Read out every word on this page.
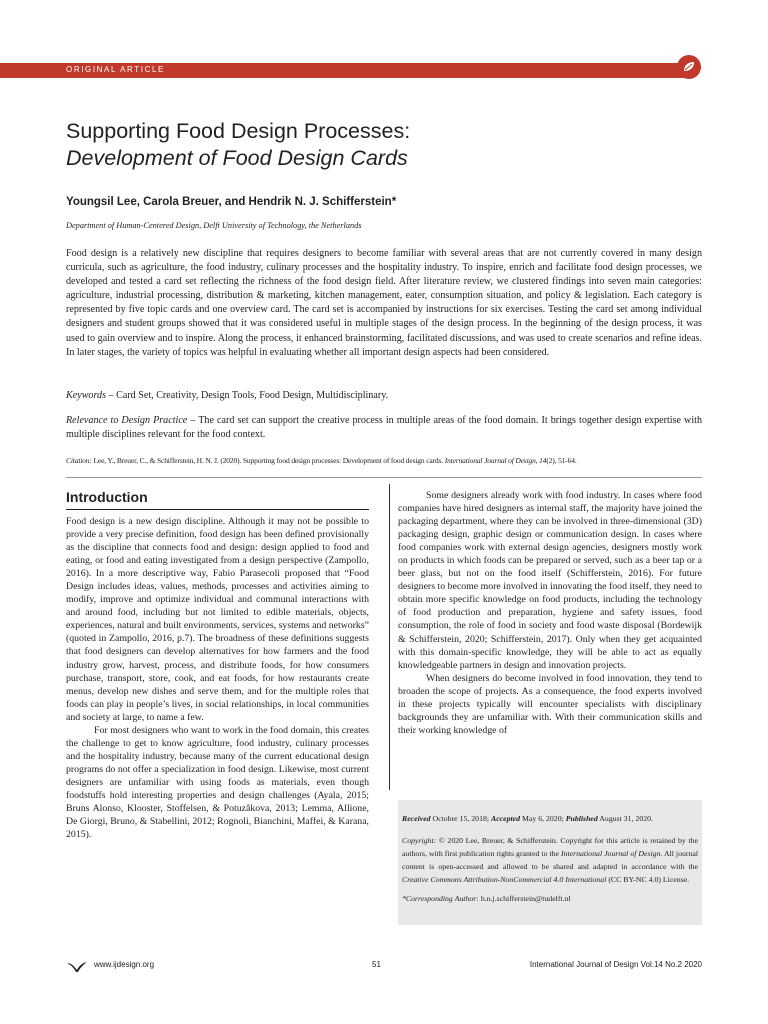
ORIGINAL ARTICLE
Supporting Food Design Processes:
Development of Food Design Cards
Youngsil Lee, Carola Breuer, and Hendrik N. J. Schifferstein*
Department of Human-Centered Design, Delft University of Technology, the Netherlands

Food design is a relatively new discipline that requires designers to become familiar with several areas that are not currently covered in many design curricula, such as agriculture, the food industry, culinary processes and the hospitality industry. To inspire, enrich and facilitate food design processes, we developed and tested a card set reflecting the richness of the food design field. After literature review, we clustered findings into seven main categories: agriculture, industrial processing, distribution & marketing, kitchen management, eater, consumption situation, and policy & legislation. Each category is represented by five topic cards and one overview card. The card set is accompanied by instructions for six exercises. Testing the card set among individual designers and student groups showed that it was considered useful in multiple stages of the design process. In the beginning of the design process, it was used to gain overview and to inspire. Along the process, it enhanced brainstorming, facilitated discussions, and was used to create scenarios and refine ideas. In later stages, the variety of topics was helpful in evaluating whether all important design aspects had been considered.

Keywords – Card Set, Creativity, Design Tools, Food Design, Multidisciplinary.
Relevance to Design Practice – The card set can support the creative process in multiple areas of the food domain. It brings together design expertise with multiple disciplines relevant for the food context.
Citation: Lee, Y., Breuer, C., & Schifferstein, H. N. J. (2020). Supporting food design processes: Development of food design cards. International Journal of Design, 14(2), 51-64.
Introduction

Food design is a new design discipline. Although it may not be possible to provide a very precise definition, food design has been defined provisionally as the discipline that connects food and design: design applied to food and eating, or food and eating investigated from a design perspective (Zampollo, 2016). In a more descriptive way, Fabio Parasecoli proposed that “Food Design includes ideas, values, methods, processes and activities aiming to modify, improve and optimize individual and communal interactions with and around food, including but not limited to edible materials, objects, experiences, natural and built environments, services, systems and networks” (quoted in Zampollo, 2016, p.7). The broadness of these definitions suggests that food designers can develop alternatives for how farmers and the food industry grow, harvest, process, and distribute foods, for how consumers purchase, transport, store, cook, and eat foods, for how restaurants create menus, develop new dishes and serve them, and for the multiple roles that foods can play in people’s lives, in social relationships, in local communities and society at large, to name a few.

For most designers who want to work in the food domain, this creates the challenge to get to know agriculture, food industry, culinary processes and the hospitality industry, because many of the current educational design programs do not offer a specialization in food design. Likewise, most current designers are unfamiliar with using foods as materials, even though foodstuffs hold interesting properties and design challenges (Ayala, 2015; Bruns Alonso, Klooster, Stoffelsen, & Potuzâkova, 2013; Lemma, Allione, De Giorgi, Bruno, & Stabellini, 2012; Rognoli, Bianchini, Maffei, & Karana, 2015).

Some designers already work with food industry. In cases where food companies have hired designers as internal staff, the majority have joined the packaging department, where they can be involved in three-dimensional (3D) packaging design, graphic design or communication design. In cases where food companies work with external design agencies, designers mostly work on products in which foods can be prepared or served, such as a beer tap or a beer glass, but not on the food itself (Schifferstein, 2016). For future designers to become more involved in innovating the food itself, they need to obtain more specific knowledge on food products, including the technology of food production and preparation, hygiene and safety issues, food consumption, the role of food in society and food waste disposal (Bordewijk & Schifferstein, 2020; Schifferstein, 2017). Only when they get acquainted with this domain-specific knowledge, they will be able to act as equally knowledgeable partners in design and innovation projects.

When designers do become involved in food innovation, they tend to broaden the scope of projects. As a consequence, the food experts involved in these projects typically will encounter specialists with disciplinary backgrounds they are unfamiliar with. With their communication skills and their working knowledge of

Received October 15, 2018; Accepted May 6, 2020; Published August 31, 2020.

Copyright: © 2020 Lee, Breuer, & Schifferstein. Copyright for this article is retained by the authors, with first publication rights granted to the International Journal of Design. All journal content is open-accessed and allowed to be shared and adapted in accordance with the Creative Commons Attribution-NonCommercial 4.0 International (CC BY-NC 4.0) License.

*Corresponding Author: h.n.j.schifferstein@tudelft.nl

www.ijdesign.org	51	International Journal of Design Vol.14 No.2 2020
